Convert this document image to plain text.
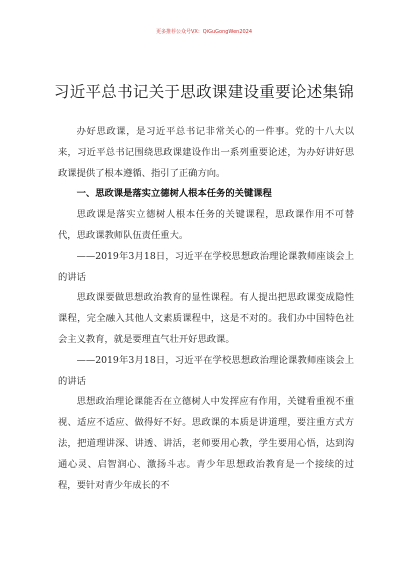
更多推荐公众号VX：QiGuGongWen2024
习近平总书记关于思政课建设重要论述集锦

办好思政课，是习近平总书记非常关心的一件事。党的十八大以来，习近平总书记围绕思政课建设作出一系列重要论述，为办好讲好思政课提供了根本遵循、指引了正确方向。

一、思政课是落实立德树人根本任务的关键课程

思政课是落实立德树人根本任务的关键课程，思政课作用不可替代，思政课教师队伍责任重大。

——2019年3月18日，习近平在学校思想政治理论课教师座谈会上的讲话

思政课要做思想政治教育的显性课程。有人提出把思政课变成隐性课程，完全融入其他人文素质课程中，这是不对的。我们办中国特色社会主义教育，就是要理直气壮开好思政课。

——2019年3月18日，习近平在学校思想政治理论课教师座谈会上的讲话

思想政治理论课能否在立德树人中发挥应有作用，关键看重视不重视、适应不适应、做得好不好。思政课的本质是讲道理，要注重方式方法，把道理讲深、讲透、讲活，老师要用心教，学生要用心悟，达到沟通心灵、启智润心、激扬斗志。青少年思想政治教育是一个接续的过程，要针对青少年成长的不
